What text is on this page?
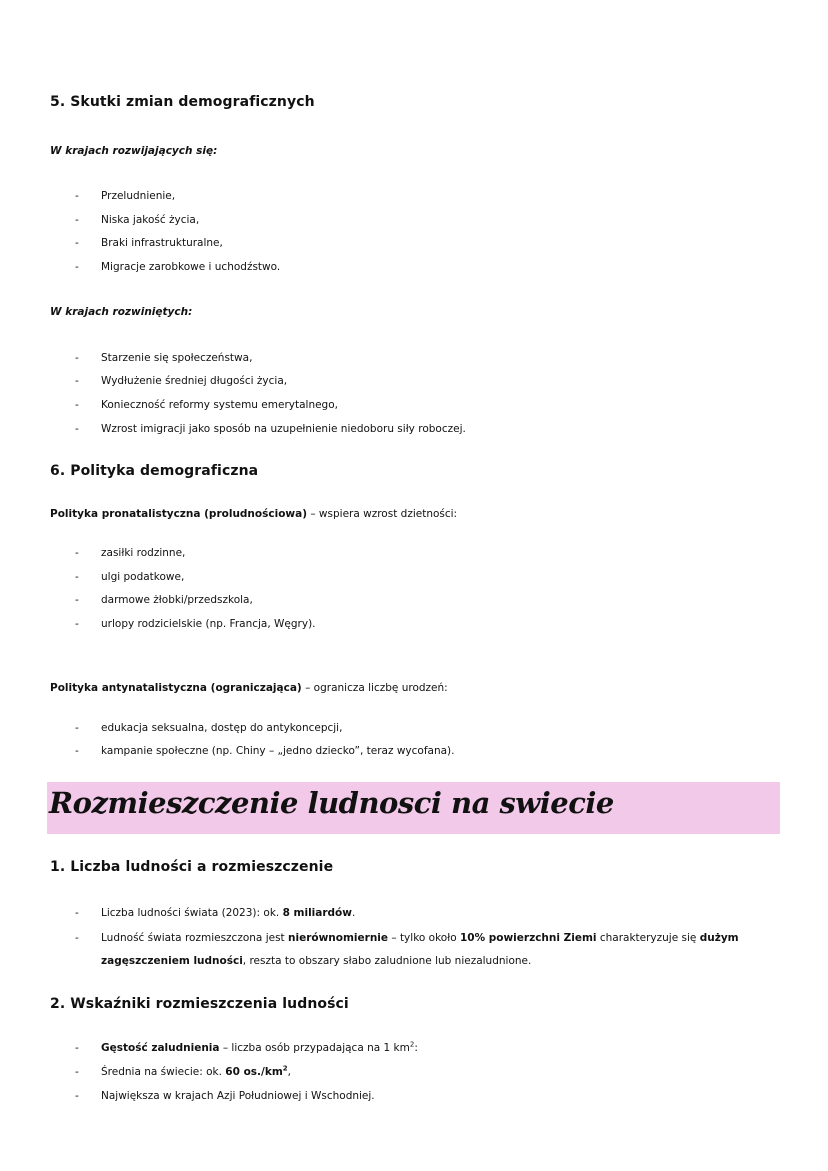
5. Skutki zmian demograficznych
W krajach rozwijających się:
- Przeludnienie,
- Niska jakość życia,
- Braki infrastrukturalne,
- Migracje zarobkowe i uchodźstwo.
W krajach rozwiniętych:
- Starzenie się społeczeństwa,
- Wydłużenie średniej długości życia,
- Konieczność reformy systemu emerytalnego,
- Wzrost imigracji jako sposób na uzupełnienie niedoboru siły roboczej.
6. Polityka demograficzna
Polityka pronatalistyczna (proludnościowa) – wspiera wzrost dzietności:
- zasiłki rodzinne,
- ulgi podatkowe,
- darmowe żłobki/przedszkola,
- urlopy rodzicielskie (np. Francja, Węgry).
Polityka antynatalistyczna (ograniczająca) – ogranicza liczbę urodzeń:
- edukacja seksualna, dostęp do antykoncepcji,
- kampanie społeczne (np. Chiny – „jedno dziecko”, teraz wycofana).
Rozmieszczenie ludnosci na swiecie
1. Liczba ludności a rozmieszczenie
- Liczba ludności świata (2023): ok. 8 miliardów.
- Ludność świata rozmieszczona jest nierównomiernie – tylko około 10% powierzchni Ziemi charakteryzuje się dużym
zagęszczeniem ludności, reszta to obszary słabo zaludnione lub niezaludnione.
2. Wskaźniki rozmieszczenia ludności
- Gęstość zaludnienia – liczba osób przypadająca na 1 $km^2$:
- Średnia na świecie: ok. 60 $os./km^2$,
- Największa w krajach Azji Południowej i Wschodniej.
